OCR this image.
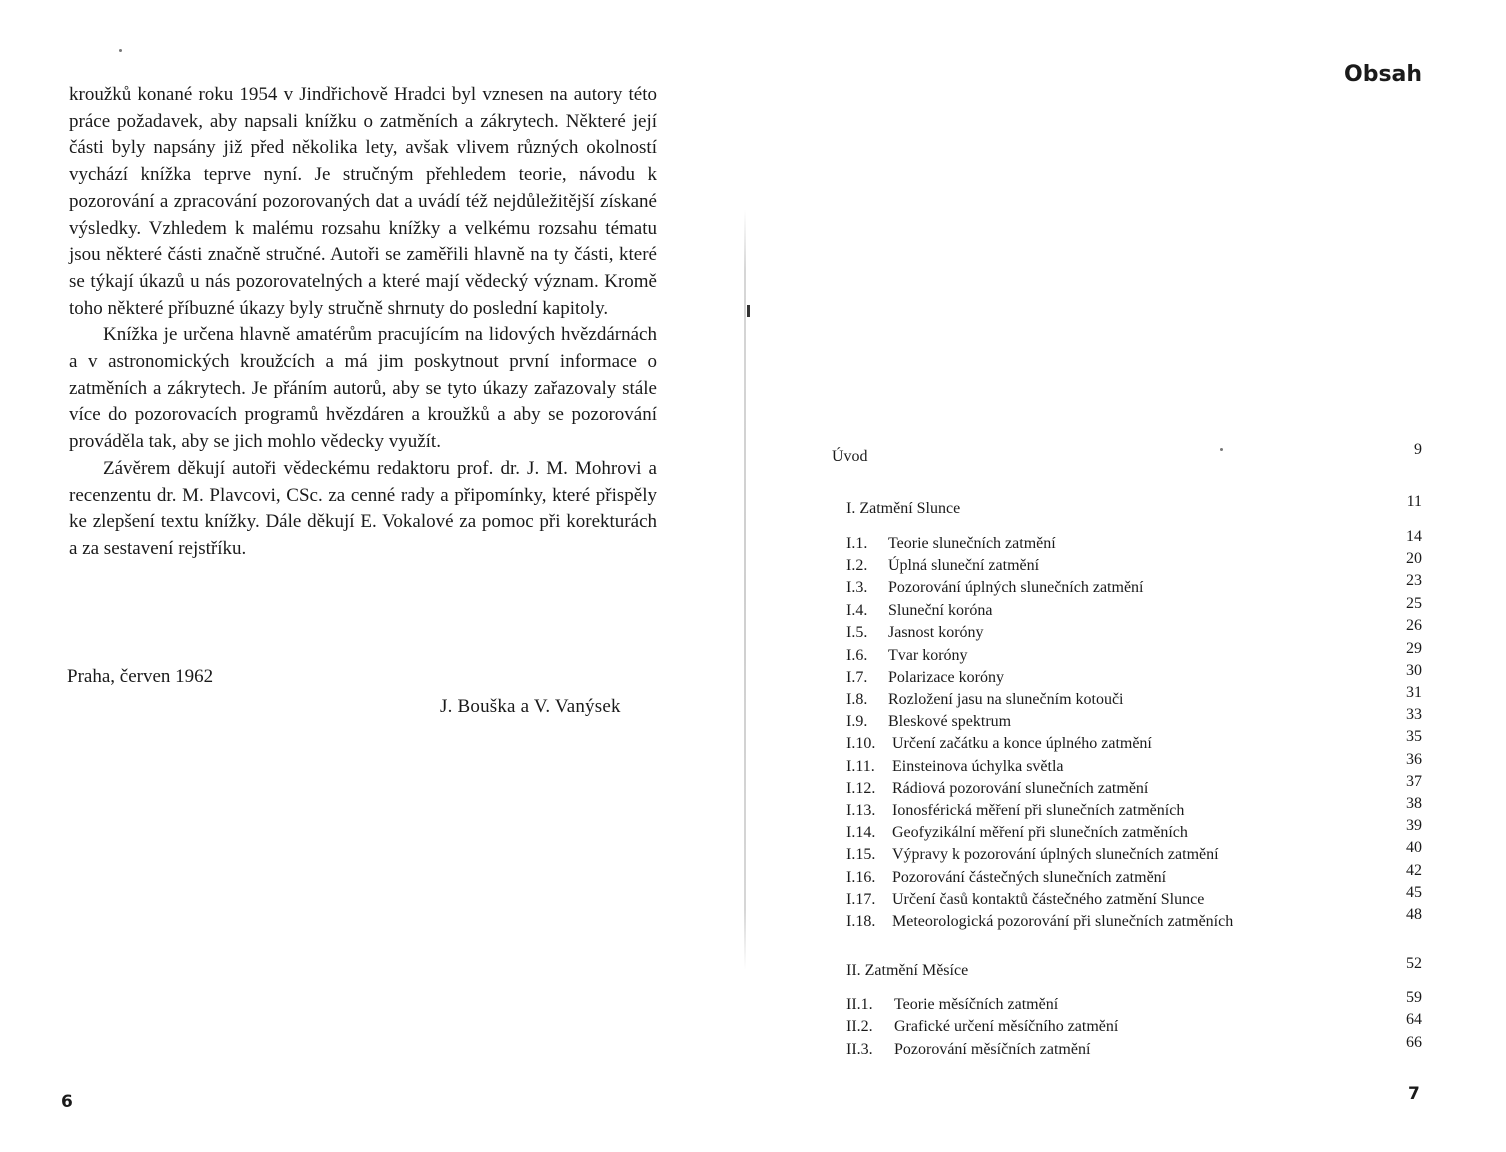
kroužků konané roku 1954 v Jindřichově Hradci byl vznesen na autory této práce požadavek, aby napsali knížku o zatměních a zákrytech. Některé její části byly napsány již před několika lety, avšak vlivem různých okolností vychází knížka teprve nyní. Je stručným přehledem teorie, návodu k pozorování a zpracování pozorovaných dat a uvádí též nejdůležitější získané výsledky. Vzhledem k malému rozsahu knížky a velkému rozsahu tématu jsou některé části značně stručné. Autoři se zaměřili hlavně na ty části, které se týkají úkazů u nás pozorovatelných a které mají vědecký význam. Kromě toho některé příbuzné úkazy byly stručně shrnuty do poslední kapitoly.

Knížka je určena hlavně amatérům pracujícím na lidových hvězdárnách a v astronomických kroužcích a má jim poskytnout první informace o zatměních a zákrytech. Je přáním autorů, aby se tyto úkazy zařazovaly stále více do pozorovacích programů hvězdáren a kroužků a aby se pozorování prováděla tak, aby se jich mohlo vědecky využít.

Závěrem děkují autoři vědeckému redaktoru prof. dr. J. M. Mohrovi a recenzentu dr. M. Plavcovi, CSc. za cenné rady a připomínky, které přispěly ke zlepšení textu knížky. Dále děkují E. Vokalové za pomoc při korekturách a za sestavení rejstříku.

Praha, červen 1962
J. Bouška a V. Vanýsek
6
Obsah
Úvod	9
I. Zatmění Slunce	11
I.1. Teorie slunečních zatmění	14
I.2. Úplná sluneční zatmění	20
I.3. Pozorování úplných slunečních zatmění	23
I.4. Sluneční koróna	25
I.5. Jasnost koróny	26
I.6. Tvar koróny	29
I.7. Polarizace koróny	30
I.8. Rozložení jasu na slunečním kotouči	31
I.9. Bleskové spektrum	33
I.10. Určení začátku a konce úplného zatmění	35
I.11. Einsteinova úchylka světla	36
I.12. Rádiová pozorování slunečních zatmění	37
I.13. Ionosférická měření při slunečních zatměních	38
I.14. Geofyzikální měření při slunečních zatměních	39
I.15. Výpravy k pozorování úplných slunečních zatmění	40
I.16. Pozorování částečných slunečních zatmění	42
I.17. Určení časů kontaktů částečného zatmění Slunce	45
I.18. Meteorologická pozorování při slunečních zatměních	48
II. Zatmění Měsíce	52
II.1. Teorie měsíčních zatmění	59
II.2. Grafické určení měsíčního zatmění	64
II.3. Pozorování měsíčních zatmění	66
7
